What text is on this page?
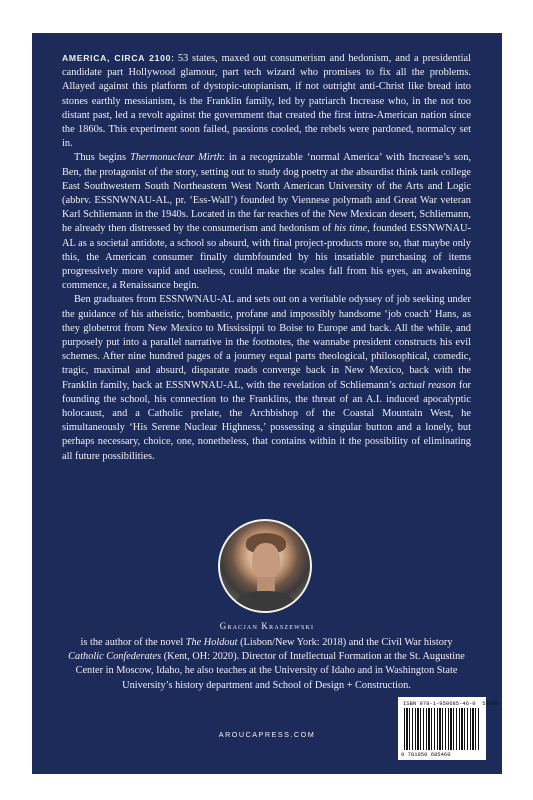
AMERICA, CIRCA 2100: 53 states, maxed out consumerism and hedonism, and a presidential candidate part Hollywood glamour, part tech wizard who promises to fix all the problems. Allayed against this platform of dystopic-utopianism, if not outright anti-Christ like bread into stones earthly messianism, is the Franklin family, led by patriarch Increase who, in the not too distant past, led a revolt against the government that created the first intra-American nation since the 1860s. This experiment soon failed, passions cooled, the rebels were pardoned, normalcy set in.

Thus begins Thermonuclear Mirth: in a recognizable ‘normal America’ with Increase’s son, Ben, the protagonist of the story, setting out to study dog poetry at the absurdist think tank college East Southwestern South Northeastern West North American University of the Arts and Logic (abbrv. ESSNWNAU-AL, pr. ‘Ess-Wall’) founded by Viennese polymath and Great War veteran Karl Schliemann in the 1940s. Located in the far reaches of the New Mexican desert, Schliemann, he already then distressed by the consumerism and hedonism of his time, founded ESSNWNAU-AL as a societal antidote, a school so absurd, with final project-products more so, that maybe only this, the American consumer finally dumbfounded by his insatiable purchasing of items progressively more vapid and useless, could make the scales fall from his eyes, an awakening commence, a Renaissance begin.

Ben graduates from ESSNWNAU-AL and sets out on a veritable odyssey of job seeking under the guidance of his atheistic, bombastic, profane and impossibly handsome ‘job coach’ Hans, as they globetrot from New Mexico to Mississippi to Boise to Europe and back. All the while, and purposely put into a parallel narrative in the footnotes, the wannabe president constructs his evil schemes. After nine hundred pages of a journey equal parts theological, philosophical, comedic, tragic, maximal and absurd, disparate roads converge back in New Mexico, back with the Franklin family, back at ESSNWNAU-AL, with the revelation of Schliemann’s actual reason for founding the school, his connection to the Franklins, the threat of an A.I. induced apocalyptic holocaust, and a Catholic prelate, the Archbishop of the Coastal Mountain West, he simultaneously ‘His Serene Nuclear Highness,’ possessing a singular button and a lonely, but perhaps necessary, choice, one, nonetheless, that contains within it the possibility of eliminating all future possibilities.

Gracjan Kraszewski
is the author of the novel The Holdout (Lisbon/New York: 2018) and the Civil War history Catholic Confederates (Kent, OH: 2020). Director of Intellectual Formation at the St. Augustine Center in Moscow, Idaho, he also teaches at the University of Idaho and in Washington State University’s history department and School of Design + Construction.
ISBN 978-1-950685-46-0 51000
9 781950 685460
AROUCAPRESS.COM
